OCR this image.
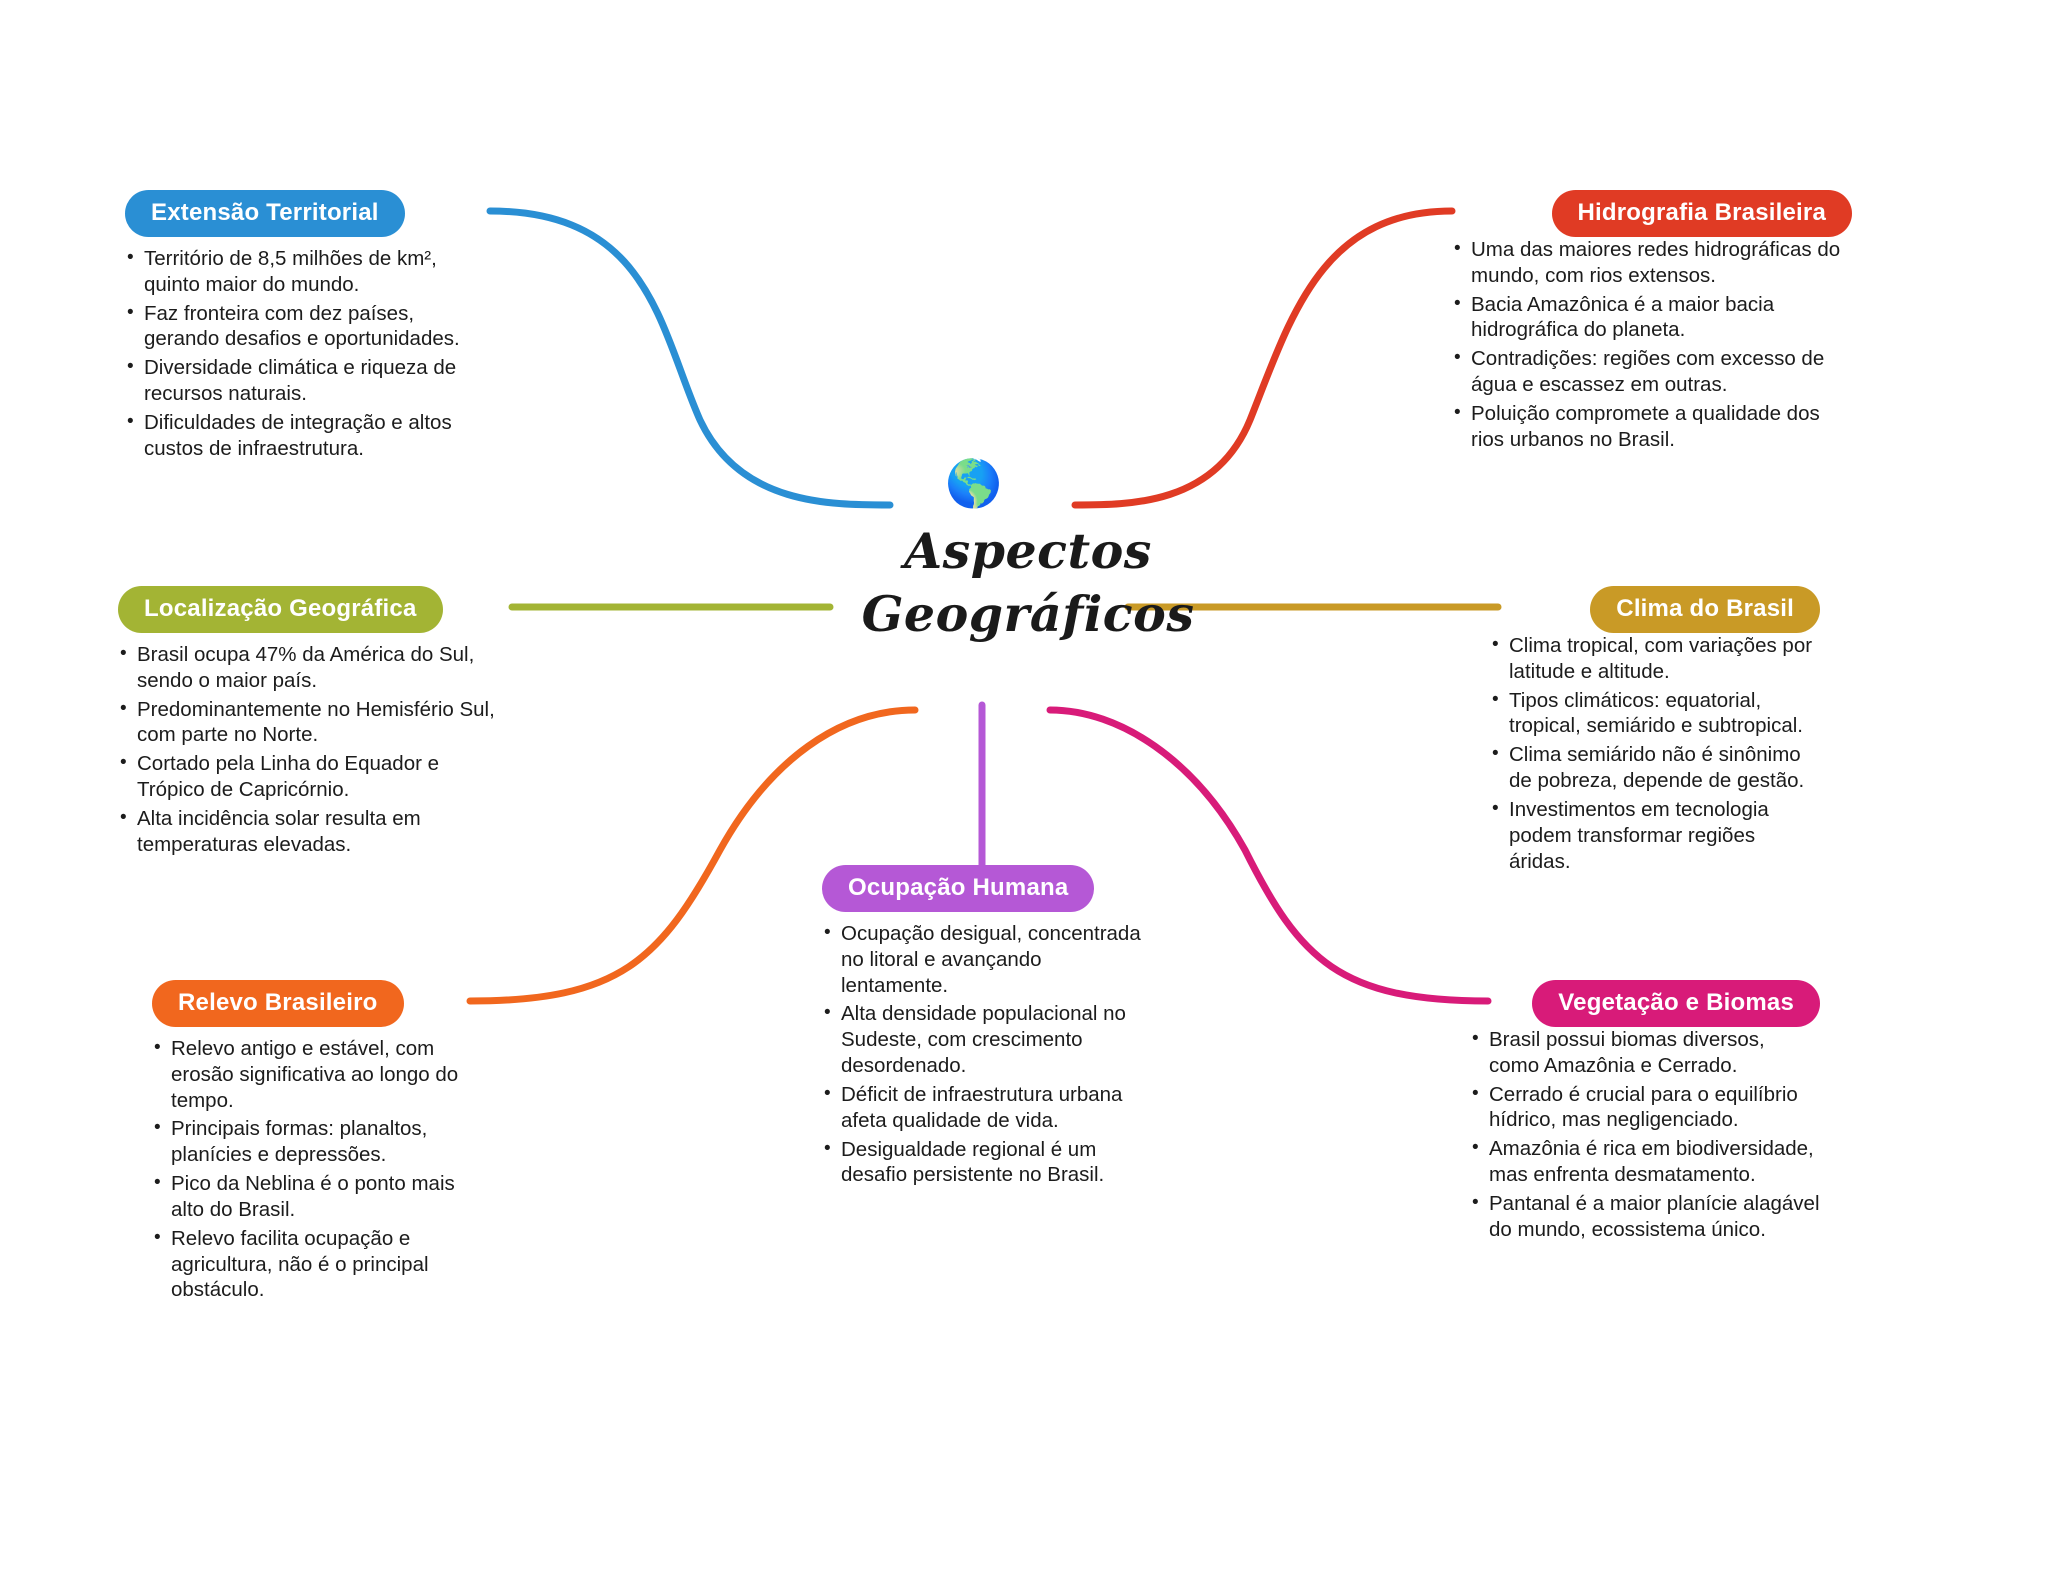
🌎
Aspectos
Geográficos
Extensão Territorial
• Território de 8,5 milhões de km², quinto maior do mundo.
• Faz fronteira com dez países, gerando desafios e oportunidades.
• Diversidade climática e riqueza de recursos naturais.
• Dificuldades de integração e altos custos de infraestrutura.
Localização Geográfica
• Brasil ocupa 47% da América do Sul, sendo o maior país.
• Predominantemente no Hemisfério Sul, com parte no Norte.
• Cortado pela Linha do Equador e Trópico de Capricórnio.
• Alta incidência solar resulta em temperaturas elevadas.
Relevo Brasileiro
• Relevo antigo e estável, com erosão significativa ao longo do tempo.
• Principais formas: planaltos, planícies e depressões.
• Pico da Neblina é o ponto mais alto do Brasil.
• Relevo facilita ocupação e agricultura, não é o principal obstáculo.
Hidrografia Brasileira
• Uma das maiores redes hidrográficas do mundo, com rios extensos.
• Bacia Amazônica é a maior bacia hidrográfica do planeta.
• Contradições: regiões com excesso de água e escassez em outras.
• Poluição compromete a qualidade dos rios urbanos no Brasil.
Clima do Brasil
• Clima tropical, com variações por latitude e altitude.
• Tipos climáticos: equatorial, tropical, semiárido e subtropical.
• Clima semiárido não é sinônimo de pobreza, depende de gestão.
• Investimentos em tecnologia podem transformar regiões áridas.
Vegetação e Biomas
• Brasil possui biomas diversos, como Amazônia e Cerrado.
• Cerrado é crucial para o equilíbrio hídrico, mas negligenciado.
• Amazônia é rica em biodiversidade, mas enfrenta desmatamento.
• Pantanal é a maior planície alagável do mundo, ecossistema único.
Ocupação Humana
• Ocupação desigual, concentrada no litoral e avançando lentamente.
• Alta densidade populacional no Sudeste, com crescimento desordenado.
• Déficit de infraestrutura urbana afeta qualidade de vida.
• Desigualdade regional é um desafio persistente no Brasil.
